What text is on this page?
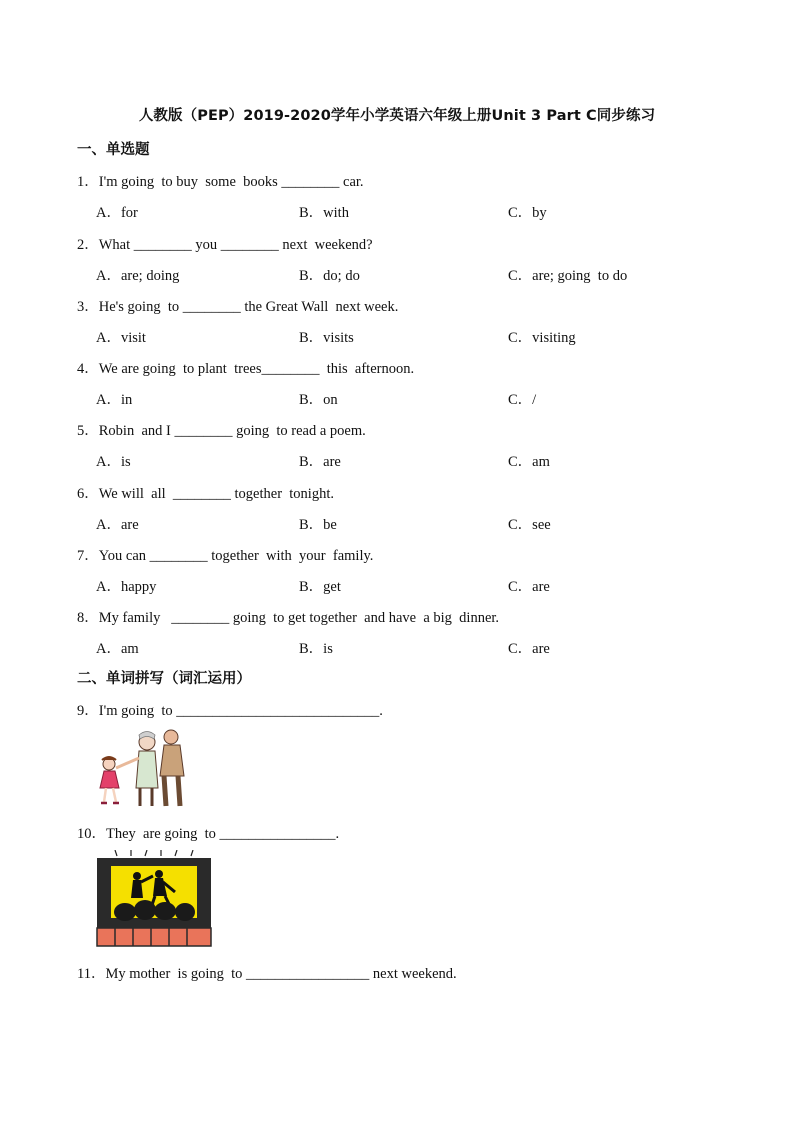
人教版（PEP）2019-2020学年小学英语六年级上册Unit 3 Part C同步练习
一、单选题
1．I'm going  to buy  some  books ________ car.
A．for	B．with	C．by
2．What ________ you ________ next  weekend?
A．are; doing	B．do; do	C．are; going  to do
3．He's going  to ________ the Great Wall  next week.
A．visit	B．visits	C．visiting
4．We are going  to plant  trees________  this  afternoon.
A．in	B．on	C．/
5．Robin  and I ________ going  to read a poem.
A．is	B．are	C．am
6．We will  all  ________ together  tonight.
A．are	B．be	C．see
7．You can ________ together  with  your  family.
A．happy	B．get	C．are
8．My family   ________ going  to get together  and have  a big  dinner.
A．am	B．is	C．are
二、单词拼写（词汇运用）
9．I'm going  to ____________________________.
10．They  are going  to ________________.
11．My mother  is going  to _________________ next weekend.
